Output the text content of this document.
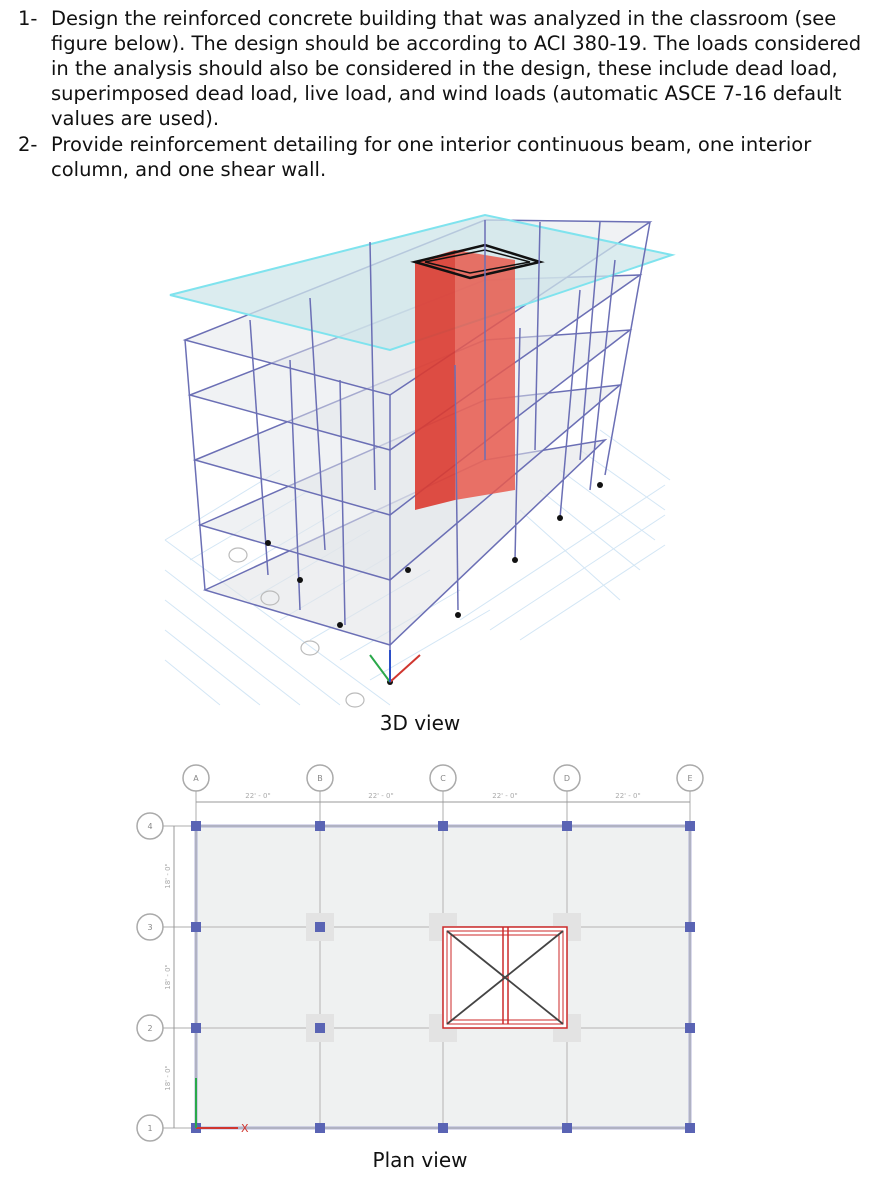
1- Design the reinforced concrete building that was analyzed in the classroom (see figure below). The design should be according to ACI 380-19. The loads considered in the analysis should also be considered in the design, these include dead load, superimposed dead load, live load, and wind loads (automatic ASCE 7-16 default values are used).
2- Provide reinforcement detailing for one interior continuous beam, one interior column, and one shear wall.
3D view
A	B	C	D	E
4
3
2
1
22' - 0"	22' - 0"	22' - 0"	22' - 0"
18' - 0"
18' - 0"
18' - 0"
X
Plan view
